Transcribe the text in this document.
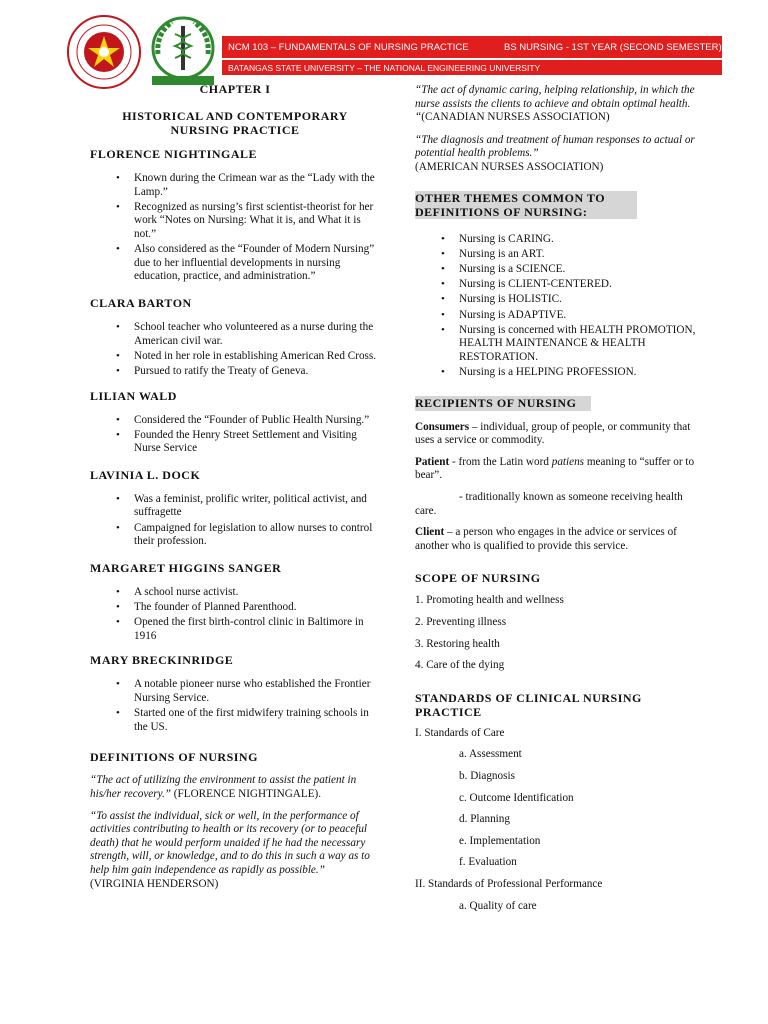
NCM 103 – FUNDAMENTALS OF NURSING PRACTICE	BS NURSING - 1ST YEAR (SECOND SEMESTER)
BATANGAS STATE UNIVERSITY – THE NATIONAL ENGINEERING UNIVERSITY
CHAPTER I
HISTORICAL AND CONTEMPORARY
NURSING PRACTICE
FLORENCE NIGHTINGALE
• Known during the Crimean war as the “Lady with the Lamp.”
• Recognized as nursing’s first scientist-theorist for her work “Notes on Nursing: What it is, and What it is not.”
• Also considered as the “Founder of Modern Nursing” due to her influential developments in nursing education, practice, and administration.”
CLARA BARTON
• School teacher who volunteered as a nurse during the American civil war.
• Noted in her role in establishing American Red Cross.
• Pursued to ratify the Treaty of Geneva.
LILIAN WALD
• Considered the “Founder of Public Health Nursing.”
• Founded the Henry Street Settlement and Visiting Nurse Service
LAVINIA L. DOCK
• Was a feminist, prolific writer, political activist, and suffragette
• Campaigned for legislation to allow nurses to control their profession.
MARGARET HIGGINS SANGER
• A school nurse activist.
• The founder of Planned Parenthood.
• Opened the first birth-control clinic in Baltimore in 1916
MARY BRECKINRIDGE
• A notable pioneer nurse who established the Frontier Nursing Service.
• Started one of the first midwifery training schools in the US.
DEFINITIONS OF NURSING

“The act of utilizing the environment to assist the patient in his/her recovery.” (FLORENCE NIGHTINGALE).

“To assist the individual, sick or well, in the performance of activities contributing to health or its recovery (or to peaceful death) that he would perform unaided if he had the necessary strength, will, or knowledge, and to do this in such a way as to help him gain independence as rapidly as possible.” (VIRGINIA HENDERSON)

“The act of dynamic caring, helping relationship, in which the nurse assists the clients to achieve and obtain optimal health. “(CANADIAN NURSES ASSOCIATION)

“The diagnosis and treatment of human responses to actual or potential health problems.”
(AMERICAN NURSES ASSOCIATION)

OTHER THEMES COMMON TO
DEFINITIONS OF NURSING:
• Nursing is CARING.
• Nursing is an ART.
• Nursing is a SCIENCE.
• Nursing is CLIENT-CENTERED.
• Nursing is HOLISTIC.
• Nursing is ADAPTIVE.
• Nursing is concerned with HEALTH PROMOTION, HEALTH MAINTENANCE & HEALTH RESTORATION.
• Nursing is a HELPING PROFESSION.
RECIPIENTS OF NURSING

Consumers – individual, group of people, or community that uses a service or commodity.

Patient - from the Latin word patiens meaning to “suffer or to bear”.

- traditionally known as someone receiving health care.

Client – a person who engages in the advice or services of another who is qualified to provide this service.

SCOPE OF NURSING
1. Promoting health and wellness
2. Preventing illness
3. Restoring health
4. Care of the dying
STANDARDS OF CLINICAL NURSING
PRACTICE
I. Standards of Care
a. Assessment
b. Diagnosis
c. Outcome Identification
d. Planning
e. Implementation
f. Evaluation
II. Standards of Professional Performance
a. Quality of care
